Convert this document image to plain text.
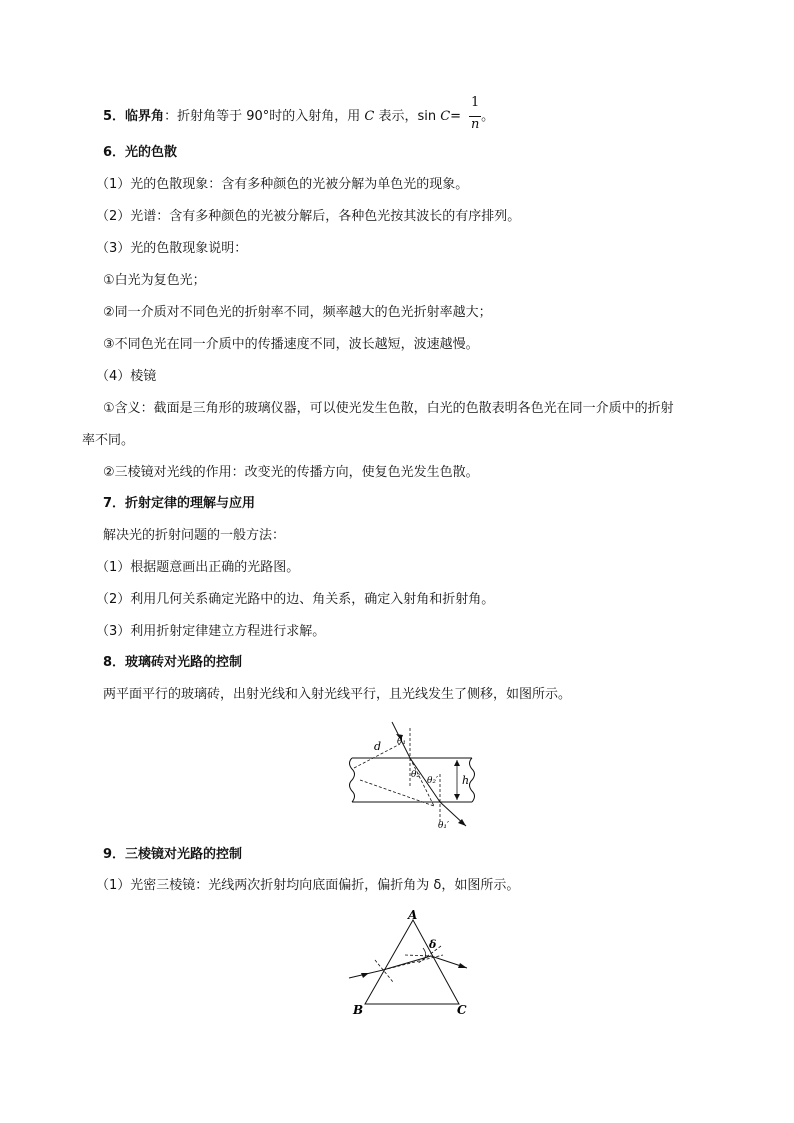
5．临界角：折射角等于 90°时的入射角，用 C 表示，sin C= 。
1
n
6．光的色散
（1）光的色散现象：含有多种颜色的光被分解为单色光的现象。
（2）光谱：含有多种颜色的光被分解后，各种色光按其波长的有序排列。
（3）光的色散现象说明：
①白光为复色光；
②同一介质对不同色光的折射率不同，频率越大的色光折射率越大；
③不同色光在同一介质中的传播速度不同，波长越短，波速越慢。
（4）棱镜
①含义：截面是三角形的玻璃仪器，可以使光发生色散，白光的色散表明各色光在同一介质中的折射
率不同。
②三棱镜对光线的作用：改变光的传播方向，使复色光发生色散。
7．折射定律的理解与应用
解决光的折射问题的一般方法：
（1）根据题意画出正确的光路图。
（2）利用几何关系确定光路中的边、角关系，确定入射角和折射角。
（3）利用折射定律建立方程进行求解。
8．玻璃砖对光路的控制
两平面平行的玻璃砖，出射光线和入射光线平行，且光线发生了侧移，如图所示。
d θ₁
θ₂
θ₂′ h
θ₁′
9．三棱镜对光路的控制
（1）光密三棱镜：光线两次折射均向底面偏折，偏折角为 δ，如图所示。
A
B	C
δ
